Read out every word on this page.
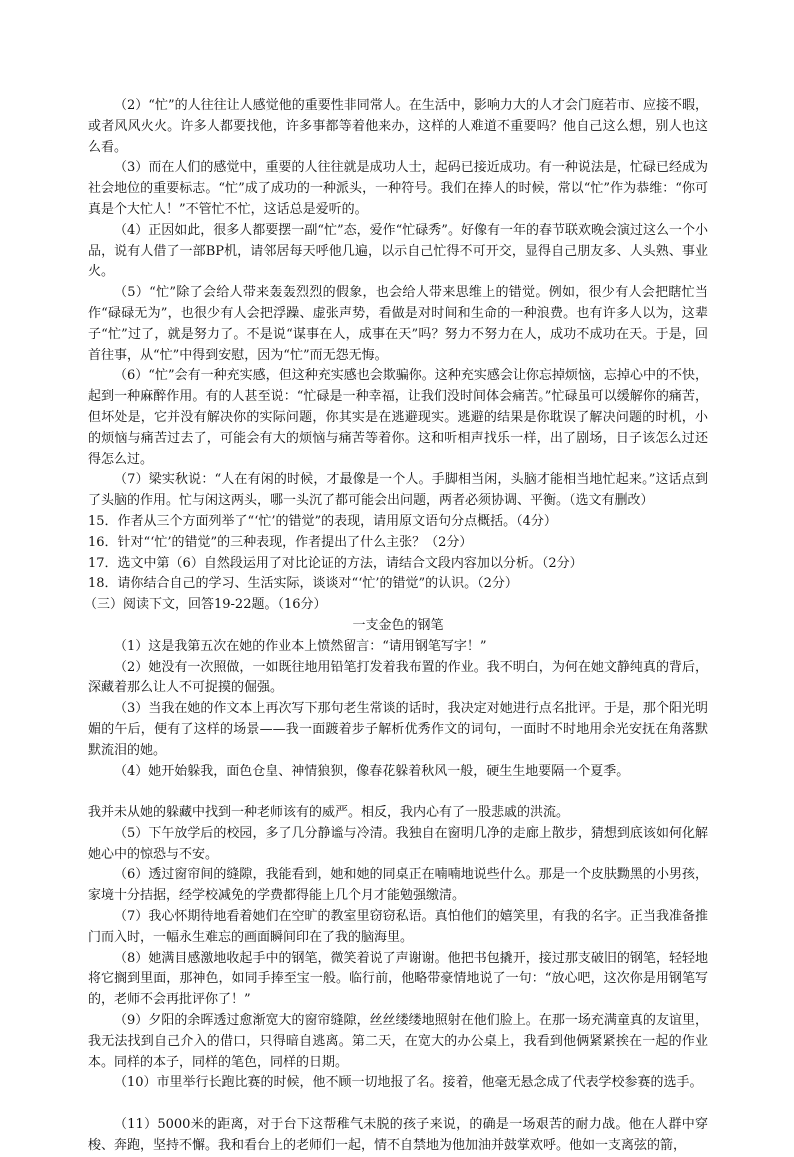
（2）“忙”的人往往让人感觉他的重要性非同常人。在生活中，影响力大的人才会门庭若市、应接不暇，或者风风火火。许多人都要找他，许多事都等着他来办，这样的人难道不重要吗？他自己这么想，别人也这么看。

（3）而在人们的感觉中，重要的人往往就是成功人士，起码已接近成功。有一种说法是，忙碌已经成为社会地位的重要标志。“忙”成了成功的一种派头，一种符号。我们在捧人的时候，常以“忙”作为恭维：“你可真是个大忙人！”不管忙不忙，这话总是爱听的。

（4）正因如此，很多人都要摆一副“忙”态，爱作“忙碌秀”。好像有一年的春节联欢晚会演过这么一个小品，说有人借了一部BP机，请邻居每天呼他几遍，以示自己忙得不可开交，显得自己朋友多、人头熟、事业火。

（5）“忙”除了会给人带来轰轰烈烈的假象，也会给人带来思维上的错觉。例如，很少有人会把瞎忙当作“碌碌无为”，也很少有人会把浮躁、虚张声势，看做是对时间和生命的一种浪费。也有许多人以为，这辈子“忙”过了，就是努力了。不是说“谋事在人，成事在天”吗？努力不努力在人，成功不成功在天。于是，回首往事，从“忙”中得到安慰，因为“忙”而无怨无悔。

（6）“忙”会有一种充实感，但这种充实感也会欺骗你。这种充实感会让你忘掉烦恼，忘掉心中的不快，起到一种麻醉作用。有的人甚至说：“忙碌是一种幸福，让我们没时间体会痛苦。”忙碌虽可以缓解你的痛苦，但坏处是，它并没有解决你的实际问题，你其实是在逃避现实。逃避的结果是你耽误了解决问题的时机，小的烦恼与痛苦过去了，可能会有大的烦恼与痛苦等着你。这和听相声找乐一样，出了剧场，日子该怎么过还得怎么过。

（7）梁实秋说：“人在有闲的时候，才最像是一个人。手脚相当闲，头脑才能相当地忙起来。”这话点到了头脑的作用。忙与闲这两头，哪一头沉了都可能会出问题，两者必须协调、平衡。（选文有删改）

15．作者从三个方面列举了“‘忙’的错觉”的表现，请用原文语句分点概括。（4分）

16．针对“‘忙’的错觉”的三种表现，作者提出了什么主张？（2分）

17．选文中第（6）自然段运用了对比论证的方法，请结合文段内容加以分析。（2分）

18．请你结合自己的学习、生活实际，谈谈对“‘忙’的错觉”的认识。（2分）

（三）阅读下文，回答19-22题。（16分）

一支金色的钢笔

（1）这是我第五次在她的作业本上愤然留言：“请用钢笔写字！”

（2）她没有一次照做，一如既往地用铅笔打发着我布置的作业。我不明白，为何在她文静纯真的背后，深藏着那么让人不可捉摸的倔强。

（3）当我在她的作文本上再次写下那句老生常谈的话时，我决定对她进行点名批评。于是，那个阳光明媚的午后，便有了这样的场景——我一面踱着步子解析优秀作文的词句，一面时不时地用余光安抚在角落默默流泪的她。

（4）她开始躲我，面色仓皇、神情狼狈，像春花躲着秋风一般，硬生生地要隔一个夏季。

我并未从她的躲藏中找到一种老师该有的威严。相反，我内心有了一股悲戚的洪流。

（5）下午放学后的校园，多了几分静谧与冷清。我独自在窗明几净的走廊上散步，猜想到底该如何化解她心中的惊恐与不安。

（6）透过窗帘间的缝隙，我能看到，她和她的同桌正在喃喃地说些什么。那是一个皮肤黝黑的小男孩，家境十分拮据，经学校减免的学费都得能上几个月才能勉强缴清。

（7）我心怀期待地看着她们在空旷的教室里窃窃私语。真怕他们的嬉笑里，有我的名字。正当我准备推门而入时，一幅永生难忘的画面瞬间印在了我的脑海里。

（8）她满目感激地收起手中的钢笔，微笑着说了声谢谢。他把书包撬开，接过那支破旧的钢笔，轻轻地将它搁到里面，那神色，如同手捧至宝一般。临行前，他略带豪情地说了一句：“放心吧，这次你是用钢笔写的，老师不会再批评你了！”

（9）夕阳的余晖透过愈渐宽大的窗帘缝隙，丝丝缕缕地照射在他们脸上。在那一场充满童真的友谊里，我无法找到自己介入的借口，只得暗自逃离。第二天，在宽大的办公桌上，我看到他俩紧紧挨在一起的作业本。同样的本子，同样的笔色，同样的日期。

（10）市里举行长跑比赛的时候，他不顾一切地报了名。接着，他毫无悬念成了代表学校参赛的选手。

（11）5000米的距离，对于台下这帮稚气未脱的孩子来说，的确是一场艰苦的耐力战。他在人群中穿梭、奔跑，坚持不懈。我和看台上的老师们一起，情不自禁地为他加油并鼓掌欢呼。他如一支离弦的箭，
